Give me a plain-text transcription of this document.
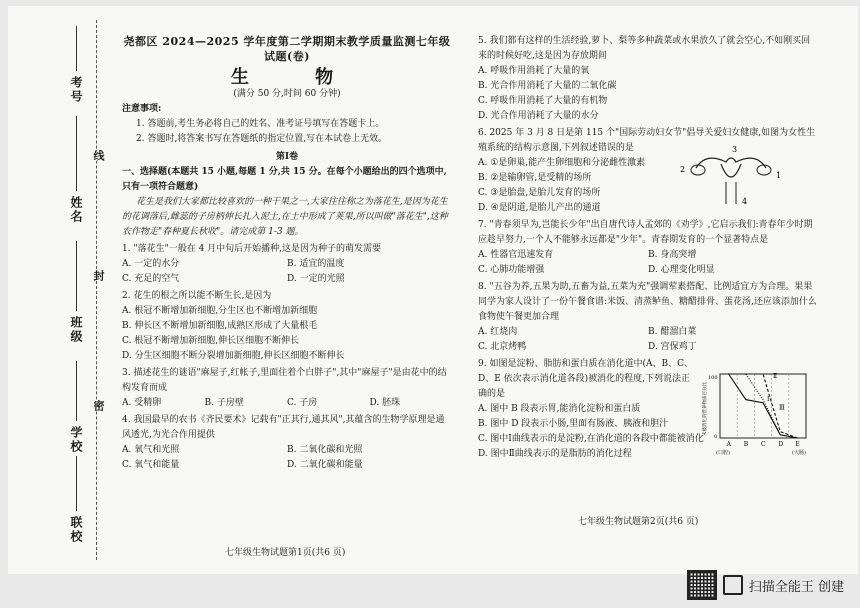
考号
姓名
班级
学校
联校
线
封
密
尧都区 2024—2025 学年度第二学期期末教学质量监测七年级试题(卷)
生 物
(满分 50 分,时间 60 分钟)

注意事项:

1. 答题前,考生务必将自己的姓名、准考证号填写在答题卡上。

2. 答题时,将答案书写在答题纸的指定位置,写在本试卷上无效。

第Ⅰ卷

一、选择题(本题共 15 小题,每题 1 分,共 15 分。在每个小题给出的四个选项中,只有一项符合题意)

花生是我们大家都比较喜欢的一种干果之一,大家往往称之为落花生,是因为花生的花调落后,雌蕊的子房柄伸长扎入泥土,在土中形成了荚果,所以叫做"落花生",这种农作物走"春种夏长秋收"。请完成第 1-3 题。

1. "落花生"一般在 4 月中旬后开始播种,这是因为种子的萌发需要

A. 一定的水分	B. 适宜的温度
C. 充足的空气	D. 一定的光照

2. 花生的根之所以能不断生长,是因为

A. 根冠不断增加新细胞,分生区也不断增加新细胞

B. 伸长区不断增加新细胞,成熟区形成了大量根毛

C. 根冠不断增加新细胞,伸长区细胞不断伸长

D. 分生区细胞不断分裂增加新细胞,伸长区细胞不断伸长

3. 描述花生的谜语"麻屋子,红帐子,里面住着个白胖子",其中"麻屋子"是由花中的结构发育而成

A. 受精卵	B. 子房壁	C. 子房	D. 胚珠

4. 我国最早的农书《齐民要术》记载有"正其行,通其风",其蕴含的生物学原理是通风透光,为光合作用提供

A. 氧气和光照	B. 二氧化碳和光照
C. 氧气和能量	D. 二氧化碳和能量
七年级生物试题第1页(共6 页)

5. 我们都有这样的生活经验,萝卜、梨等多种蔬菜或水果放久了就会空心,不如刚买回来的时候好吃,这是因为存放期间

A. 呼吸作用消耗了大量的氧

B. 光合作用消耗了大量的二氧化碳

C. 呼吸作用消耗了大量的有机物

D. 光合作用消耗了大量的水分

6. 2025 年 3 月 8 日是第 115 个"国际劳动妇女节"倡导关爱妇女健康,如图为女性生殖系统的结构示意图,下列叙述错误的是

A. ①是卵巢,能产生卵细胞和分泌雌性激素

B. ②是输卵管,是受精的场所

C. ③是胎盘,是胎儿发育的场所

D. ④是阴道,是胎儿产出的通道

2
3
1
4

7. "青春须早为,岂能长少年"出自唐代诗人孟郊的《劝学》,它启示我们:青春年少时期应趁早努力,一个人不能够永远都是"少年"。青春期发育的一个显著特点是

A. 性器官迅速发育	B. 身高突增
C. 心肺功能增强	D. 心理变化明显

8. "五谷为养,五果为助,五畜为益,五菜为充"强调荤素搭配、比例适宜方为合理。果果同学为家人设计了一份午餐食谱:米饭、清蒸鲈鱼、糖醋排骨、蛋花汤,还应该添加什么食物使午餐更加合理

A. 红烧肉	B. 醋溜白菜
C. 北京烤鸭	D. 宫保鸡丁

9. 如图是淀粉、脂肪和蛋白质在消化道中(A、B、C、D、E 依次表示消化道各段)被消化的程度,下列说法正确的是

A. 图中 B 段表示胃,能消化淀粉和蛋白质

B. 图中 D 段表示小肠,里面有肠液、胰液和胆汁

C. 图中Ⅰ曲线表示的是淀粉,在消化道的各段中都能被消化

D. 图中Ⅱ曲线表示的是脂肪的消化过程

Ⅰ
Ⅱ
Ⅲ
A B C D E
100
0
(口腔)	(大肠)
未被消化的营养物质百分比
七年级生物试题第2页(共6 页)
扫描全能王 创建
